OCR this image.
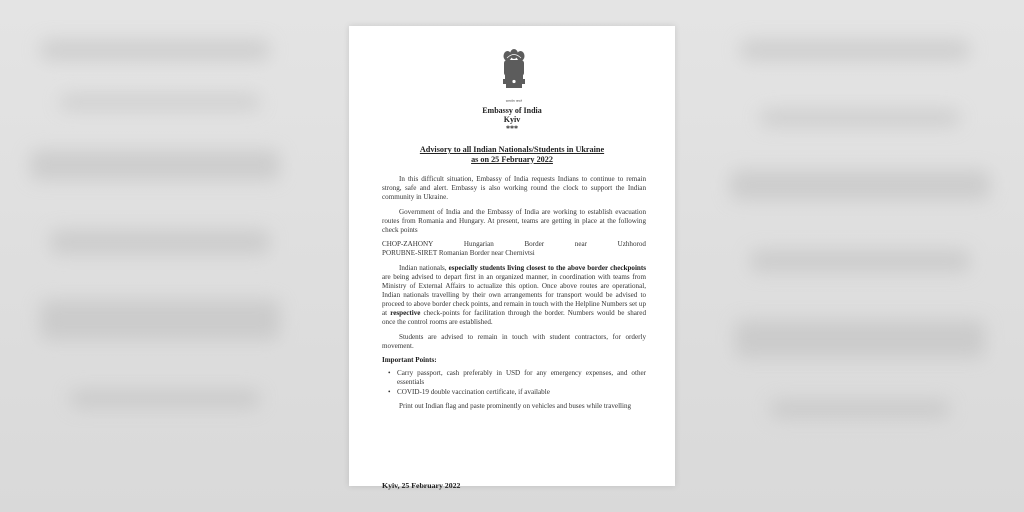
सत्यमेव जयते
Embassy of India
Kyiv
***
Advisory to all Indian Nationals/Students in Ukraine
as on 25 February 2022

In this difficult situation, Embassy of India requests Indians to continue to remain strong, safe and alert. Embassy is also working round the clock to support the Indian community in Ukraine.

Government of India and the Embassy of India are working to establish evacuation routes from Romania and Hungary. At present, teams are getting in place at the following check points

CHOP-ZAHONY	Hungarian	Border	near	Uzhhorod
PORUBNE-SIRET Romanian Border near Chernivtsi

Indian nationals, especially students living closest to the above border checkpoints are being advised to depart first in an organized manner, in coordination with teams from Ministry of External Affairs to actualize this option. Once above routes are operational, Indian nationals travelling by their own arrangements for transport would be advised to proceed to above border check points, and remain in touch with the Helpline Numbers set up at respective check-points for facilitation through the border. Numbers would be shared once the control rooms are established.

Students are advised to remain in touch with student contractors, for orderly movement.

Important Points:
• Carry passport, cash preferably in USD for any emergency expenses, and other essentials
• COVID-19 double vaccination certificate, if available

Print out Indian flag and paste prominently on vehicles and buses while travelling

Kyiv, 25 February 2022
